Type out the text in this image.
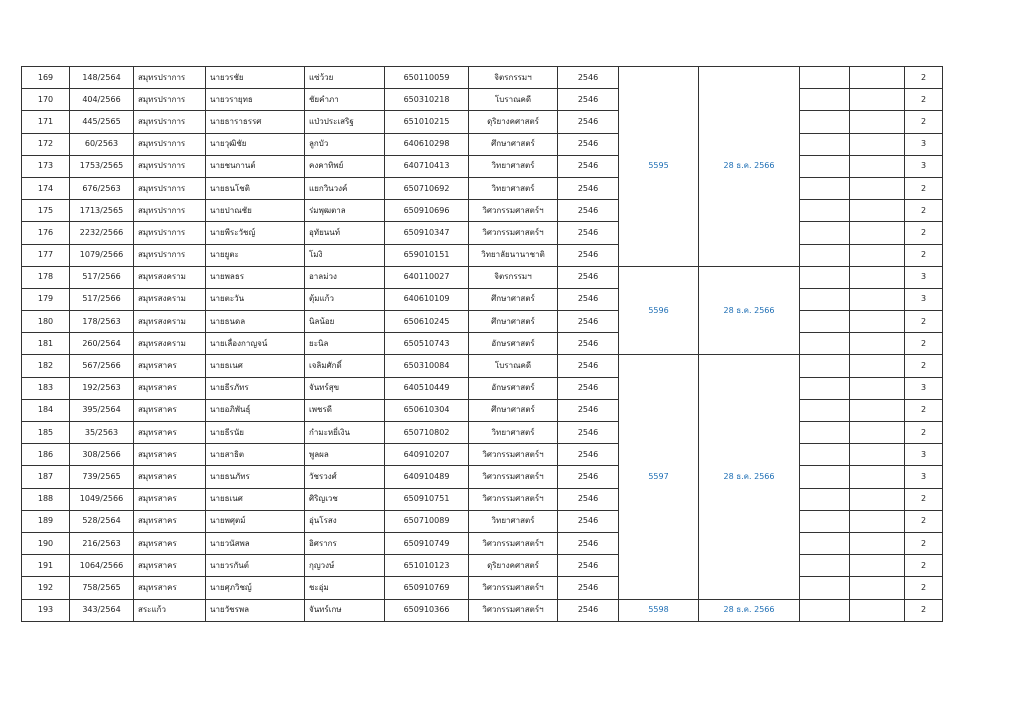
169	148/2564	สมุทรปราการ	นายวรชัย	แซ่ว้วย	650110059	จิตรกรรมฯ	2546	5595	28 ธ.ค. 2566			2
170	404/2566	สมุทรปราการ	นายวรายุทธ	ชัยคำภา	650310218	โบราณคดี	2546					2
171	445/2565	สมุทรปราการ	นายธาราธรรศ	แป่วประเสริฐ	651010215	ดุริยางคศาสตร์	2546					2
172	60/2563	สมุทรปราการ	นายวุฒิชัย	ลูกบัว	640610298	ศึกษาศาสตร์	2546					3
173	1753/2565	สมุทรปราการ	นายชนกานต์	คงคาทิพย์	640710413	วิทยาศาสตร์	2546					3
174	676/2563	สมุทรปราการ	นายธนโชติ	แยกวินวงค์	650710692	วิทยาศาสตร์	2546					2
175	1713/2565	สมุทรปราการ	นายปาณชัย	ร่มพุฒตาล	650910696	วิศวกรรมศาสตร์ฯ	2546					2
176	2232/2566	สมุทรปราการ	นายพีระวัชญ์	อุทัยนนท์	650910347	วิศวกรรมศาสตร์ฯ	2546					2
177	1079/2566	สมุทรปราการ	นายยูตะ	โมงิ	659010151	วิทยาลัยนานาชาติ	2546					2
178	517/2566	สมุทรสงคราม	นายพลธร	อาลม่วง	640110027	จิตรกรรมฯ	2546	5596	28 ธ.ค. 2566			3
179	517/2566	สมุทรสงคราม	นายตะวัน	ตุ้มแก้ว	640610109	ศึกษาศาสตร์	2546					3
180	178/2563	สมุทรสงคราม	นายธนดล	นิลน้อย	650610245	ศึกษาศาสตร์	2546					2
181	260/2564	สมุทรสงคราม	นายเลื่องกาญจน์	ยะนิล	650510743	อักษรศาสตร์	2546					2
182	567/2566	สมุทรสาคร	นายธเนศ	เจลิมศักดิ์	650310084	โบราณคดี	2546	5597	28 ธ.ค. 2566			2
183	192/2563	สมุทรสาคร	นายธีรภัทร	จันทร์สุข	640510449	อักษรศาสตร์	2546					3
184	395/2564	สมุทรสาคร	นายอภิพันธุ์	เพชรดี	650610304	ศึกษาศาสตร์	2546					2
185	35/2563	สมุทรสาคร	นายธีรนัย	กำมะหยี่เงิน	650710802	วิทยาศาสตร์	2546					2
186	308/2566	สมุทรสาคร	นายสาธิต	พูลผล	640910207	วิศวกรรมศาสตร์ฯ	2546					3
187	739/2565	สมุทรสาคร	นายธนภัทร	วัชรวงศ์	640910489	วิศวกรรมศาสตร์ฯ	2546					3
188	1049/2566	สมุทรสาคร	นายธเนศ	ศิริญเวช	650910751	วิศวกรรมศาสตร์ฯ	2546					2
189	528/2564	สมุทรสาคร	นายพศุตม์	อุ่นโรสง	650710089	วิทยาศาสตร์	2546					2
190	216/2563	สมุทรสาคร	นายวนัสพล	อิศรากร	650910749	วิศวกรรมศาสตร์ฯ	2546					2
191	1064/2566	สมุทรสาคร	นายวรกันต์	กุญวงษ์	651010123	ดุริยางคศาสตร์	2546					2
192	758/2565	สมุทรสาคร	นายศุภวิชญ์	ชะอุ่ม	650910769	วิศวกรรมศาสตร์ฯ	2546					2
193	343/2564	สระแก้ว	นายวัชรพล	จันทร์เกษ	650910366	วิศวกรรมศาสตร์ฯ	2546	5598	28 ธ.ค. 2566			2
